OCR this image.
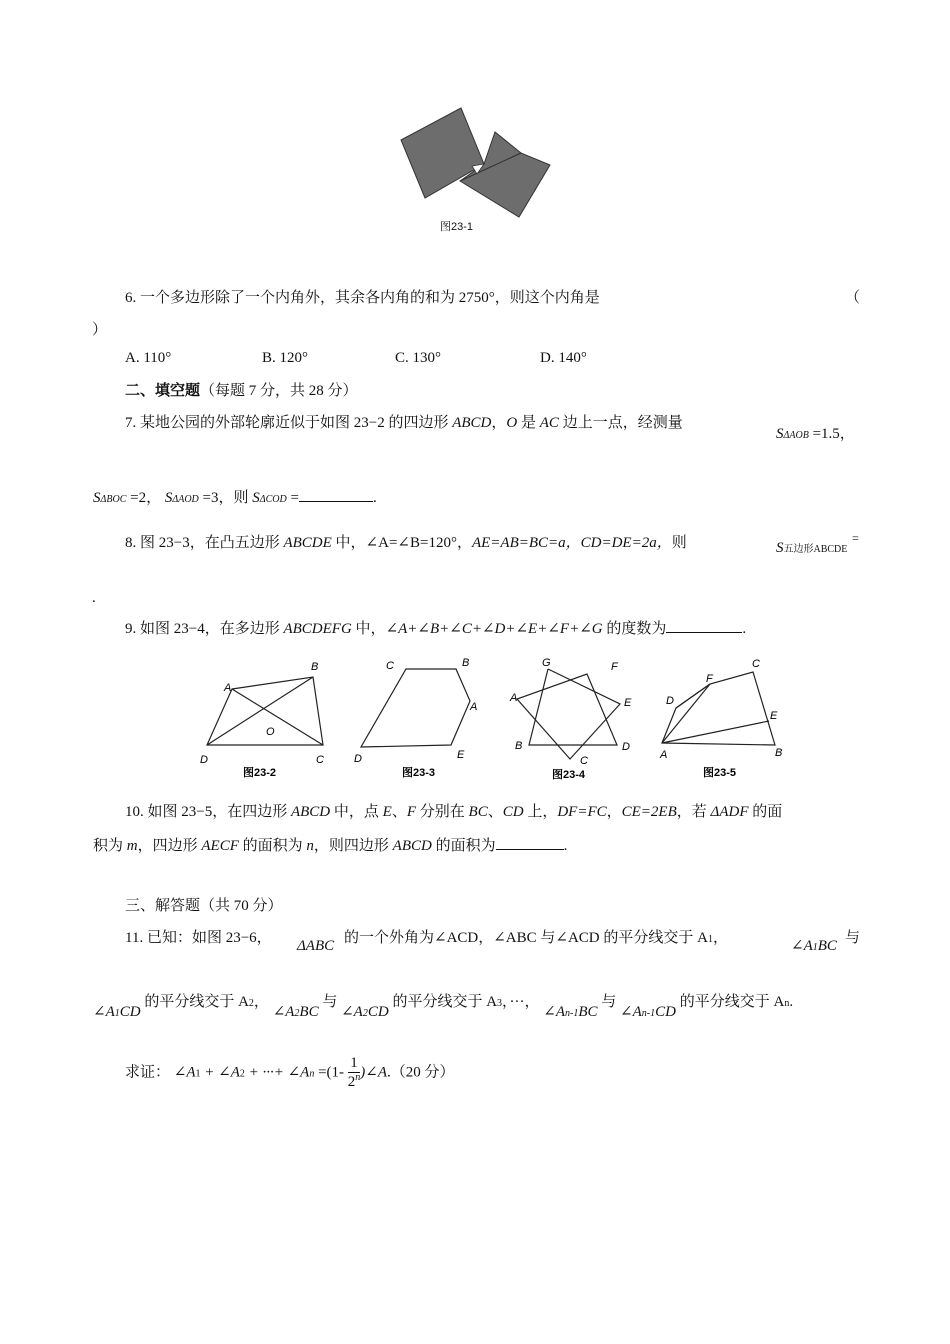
图23-1
6. 一个多边形除了一个内角外，其余各内角的和为 2750°，则这个内角是	（
）
A. 110°	B. 120°	C. 130°	D. 140°
二、填空题（每题 7 分，共 28 分）
7. 某地公园的外部轮廓近似于如图 23−2 的四边形 ABCD，O 是 AC 边上一点，经测量
SΔAOB =1.5，
SΔBOC =2， SΔAOD =3，则 SΔCOD =	.
8. 图 23−3，在凸五边形 ABCDE 中，∠A=∠B=120°，AE=AB=BC=a，CD=DE=2a，则	S五边形ABCDE
=
.
9. 如图 23−4，在多边形 ABCDEFG 中，∠A+∠B+∠C+∠D+∠E+∠F+∠G 的度数为	.
A
B
C
D
O
图23-2
A
B
C
D	E
图23-3
A
B
C
D
E
F
G
图23-4
A	B
C
D
E
F
图23-5
10. 如图 23−5，在四边形 ABCD 中，点 E、F 分别在 BC、CD 上，DF=FC，CE=2EB，若 ΔADF 的面
积为 m，四边形 AECF 的面积为 n，则四边形 ABCD 的面积为	.
三、解答题（共 70 分）
11. 已知：如图 23−6， ΔABC 的一个外角为∠ACD，∠ABC 与∠ACD 的平分线交于 A1，	∠A1BC 与
∠A1CD 的平分线交于 A2， ∠A2BC 与 ∠A2CD 的平分线交于 A3，···， ∠An-1BC 与 ∠An-1CD 的平分线交于 An.
求证： ∠A1 + ∠A2 + ···+ ∠An $=(1- \frac{1}{2^n}$ )∠A.（20 分）
